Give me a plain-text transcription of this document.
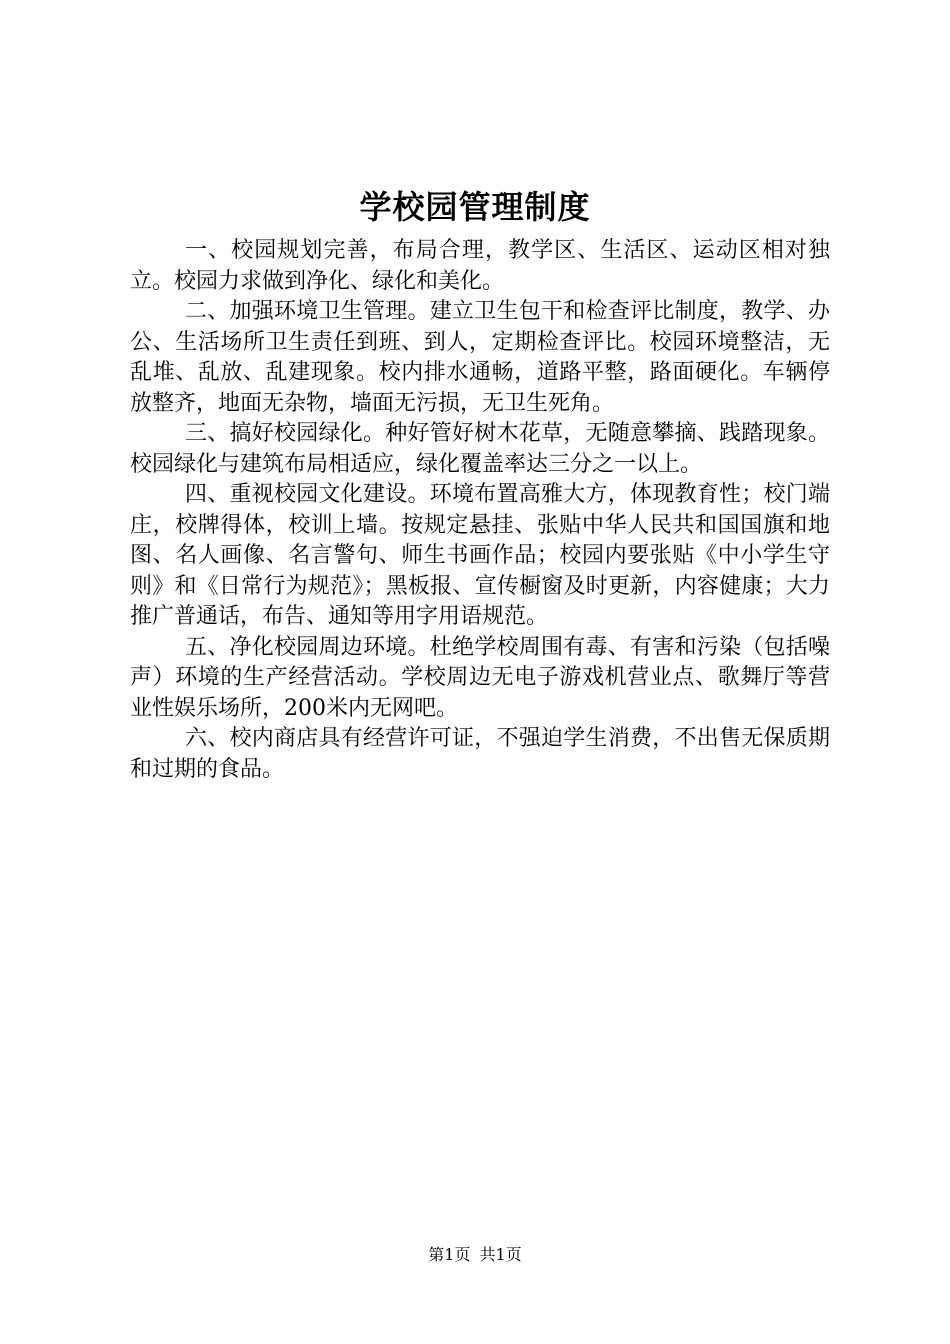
学校园管理制度

一、校园规划完善，布局合理，教学区、生活区、运动区相对独立。校园力求做到净化、绿化和美化。

二、加强环境卫生管理。建立卫生包干和检查评比制度，教学、办公、生活场所卫生责任到班、到人，定期检查评比。校园环境整洁，无乱堆、乱放、乱建现象。校内排水通畅，道路平整，路面硬化。车辆停放整齐，地面无杂物，墙面无污损，无卫生死角。

三、搞好校园绿化。种好管好树木花草，无随意攀摘、践踏现象。校园绿化与建筑布局相适应，绿化覆盖率达三分之一以上。

四、重视校园文化建设。环境布置高雅大方，体现教育性；校门端庄，校牌得体，校训上墙。按规定悬挂、张贴中华人民共和国国旗和地图、名人画像、名言警句、师生书画作品；校园内要张贴《中小学生守则》和《日常行为规范》；黑板报、宣传橱窗及时更新，内容健康；大力推广普通话，布告、通知等用字用语规范。

五、净化校园周边环境。杜绝学校周围有毒、有害和污染（包括噪声）环境的生产经营活动。学校周边无电子游戏机营业点、歌舞厅等营业性娱乐场所，200米内无网吧。

六、校内商店具有经营许可证，不强迫学生消费，不出售无保质期和过期的食品。

第1页 共1页
